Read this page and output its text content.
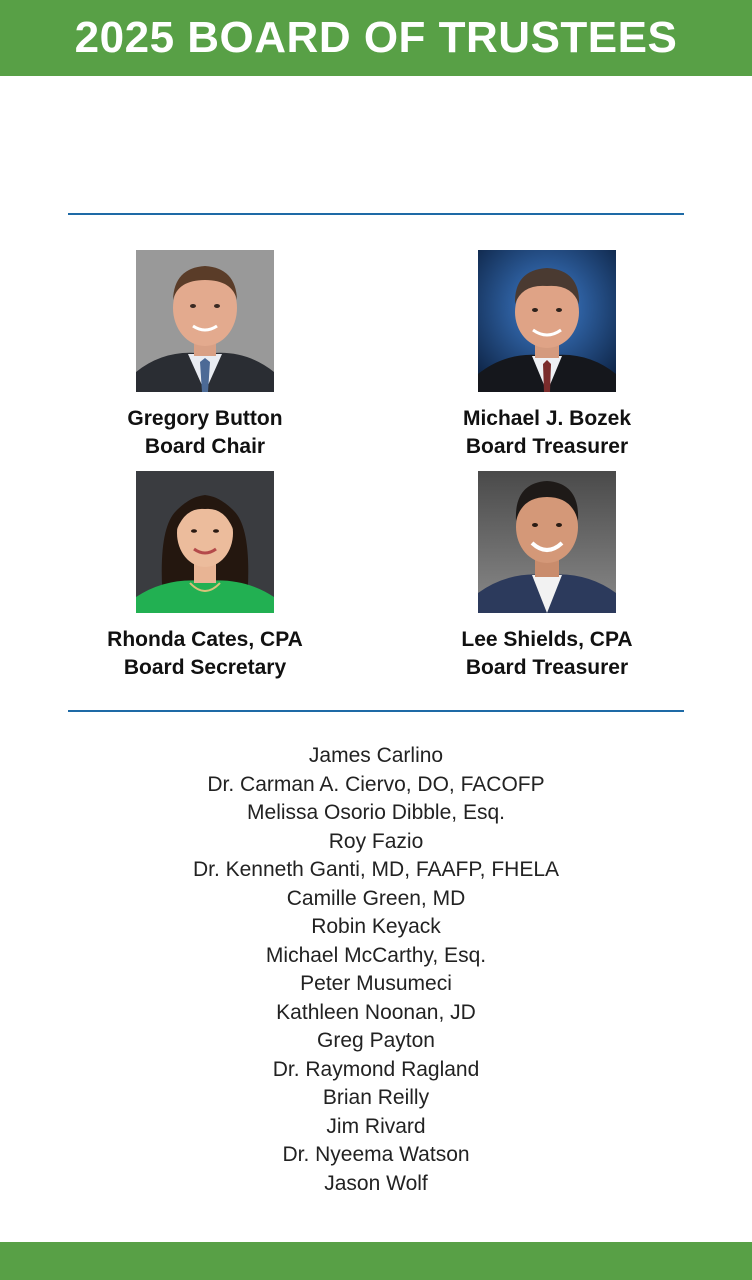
2025 BOARD OF TRUSTEES
Gregory Button
Board Chair
Michael J. Bozek
Board Treasurer
Rhonda Cates, CPA
Board Secretary
Lee Shields, CPA
Board Treasurer
James Carlino
Dr. Carman A. Ciervo, DO, FACOFP
Melissa Osorio Dibble, Esq.
Roy Fazio
Dr. Kenneth Ganti, MD, FAAFP, FHELA
Camille Green, MD
Robin Keyack
Michael McCarthy, Esq.
Peter Musumeci
Kathleen Noonan, JD
Greg Payton
Dr. Raymond Ragland
Brian Reilly
Jim Rivard
Dr. Nyeema Watson
Jason Wolf
